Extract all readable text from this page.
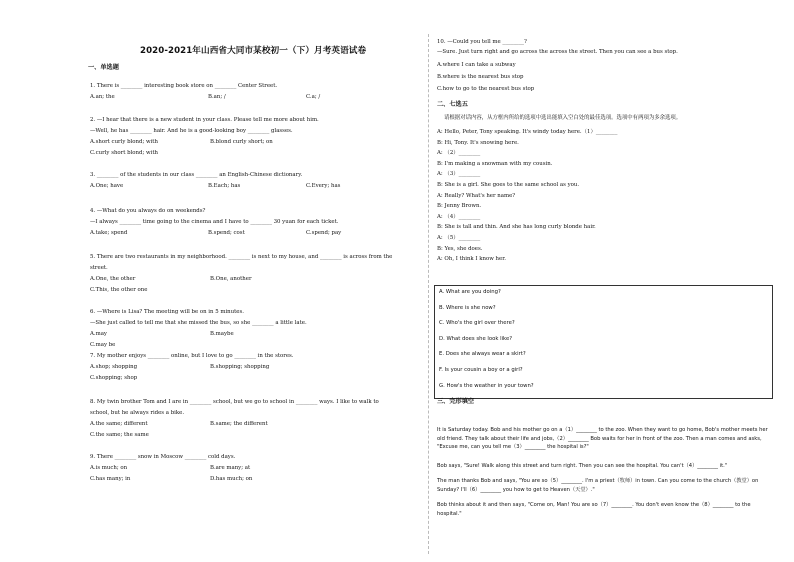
2020-2021年山西省大同市某校初一（下）月考英语试卷
一、单选题
1. There is ________ interesting book store on ________ Center Street.
A.an; the	B.an; /	C.a; /
2. —I hear that there is a new student in your class. Please tell me more about him.
—Well, he has ________ hair. And he is a good-looking boy ________ glasses.
A.short curly blond; with	B.blond curly short; on
C.curly short blond; with
3. ________ of the students in our class ________ an English-Chinese dictionary.
A.One; have	B.Each; has	C.Every; has
4. —What do you always do on weekends?
—I always ________ time going to the cinema and I have to ________ 30 yuan for each ticket.
A.take; spend	B.spend; cost	C.spend; pay
5. There are two restaurants in my neighborhood. ________ is next to my house, and ________ is across from the
street.
A.One, the other	B.One, another
C.This, the other one
6. —Where is Lisa? The meeting will be on in 5 minutes.
—She just called to tell me that she missed the bus, so she ________ a little late.
A.may	B.maybe
C.may be
7. My mother enjoys ________ online, but I love to go ________ in the stores.
A.shop; shopping	B.shopping; shopping
C.shopping; shop
8. My twin brother Tom and I are in ________ school, but we go to school in ________ ways. I like to walk to
school, but he always rides a bike.
A.the same; different	B.same; the different
C.the same; the same
9. There ________ snow in Moscow ________ cold days.
A.is much; on	B.are many; at
C.has many; in	D.has much; on
10. —Could you tell me ________?
—Sure. Just turn right and go across the across the street. Then you can see a bus stop.
A.where I can take a subway
B.where is the nearest bus stop
C.how to go to the nearest bus stop
二、七选五
请根据对话内容，从方框内所给的选项中选出能填入空白处的最佳选项。选项中有两项为多余选项。
A: Hello, Peter, Tony speaking. It's windy today here.（1）________
B: Hi, Tony. It's snowing here.
A: （2）________
B: I'm making a snowman with my cousin.
A: （3）________
B: She is a girl. She goes to the same school as you.
A: Really? What's her name?
B: Jenny Brown.
A: （4）________
B: She is tall and thin. And she has long curly blonde hair.
A: （5）________
B: Yes, she does.
A: Oh, I think I know her.
A. What are you doing?
B. Where is she now?
C. Who's the girl over there?
D. What does she look like?
E. Does she always wear a skirt?
F. Is your cousin a boy or a girl?
G. How's the weather in your town?
三、完形填空
It is Saturday today. Bob and his mother go on a（1）________ to the zoo. When they want to go home, Bob's mother meets her old friend. They talk about their life and jobs,（2）________ Bob waits for her in front of the zoo. Then a man comes and asks, "Excuse me, can you tell me（3）________ the hospital is?"
Bob says, "Sure! Walk along this street and turn right. Then you can see the hospital. You can't（4）________ it."
The man thanks Bob and says, "You are so（5）________. I'm a priest（牧师）in town. Can you come to the church（教堂）on Sunday? I'll（6）________ you how to get to Heaven（天堂）."
Bob thinks about it and then says, "Come on, Man! You are so（7）________. You don't even know the（8）________ to the hospital."
